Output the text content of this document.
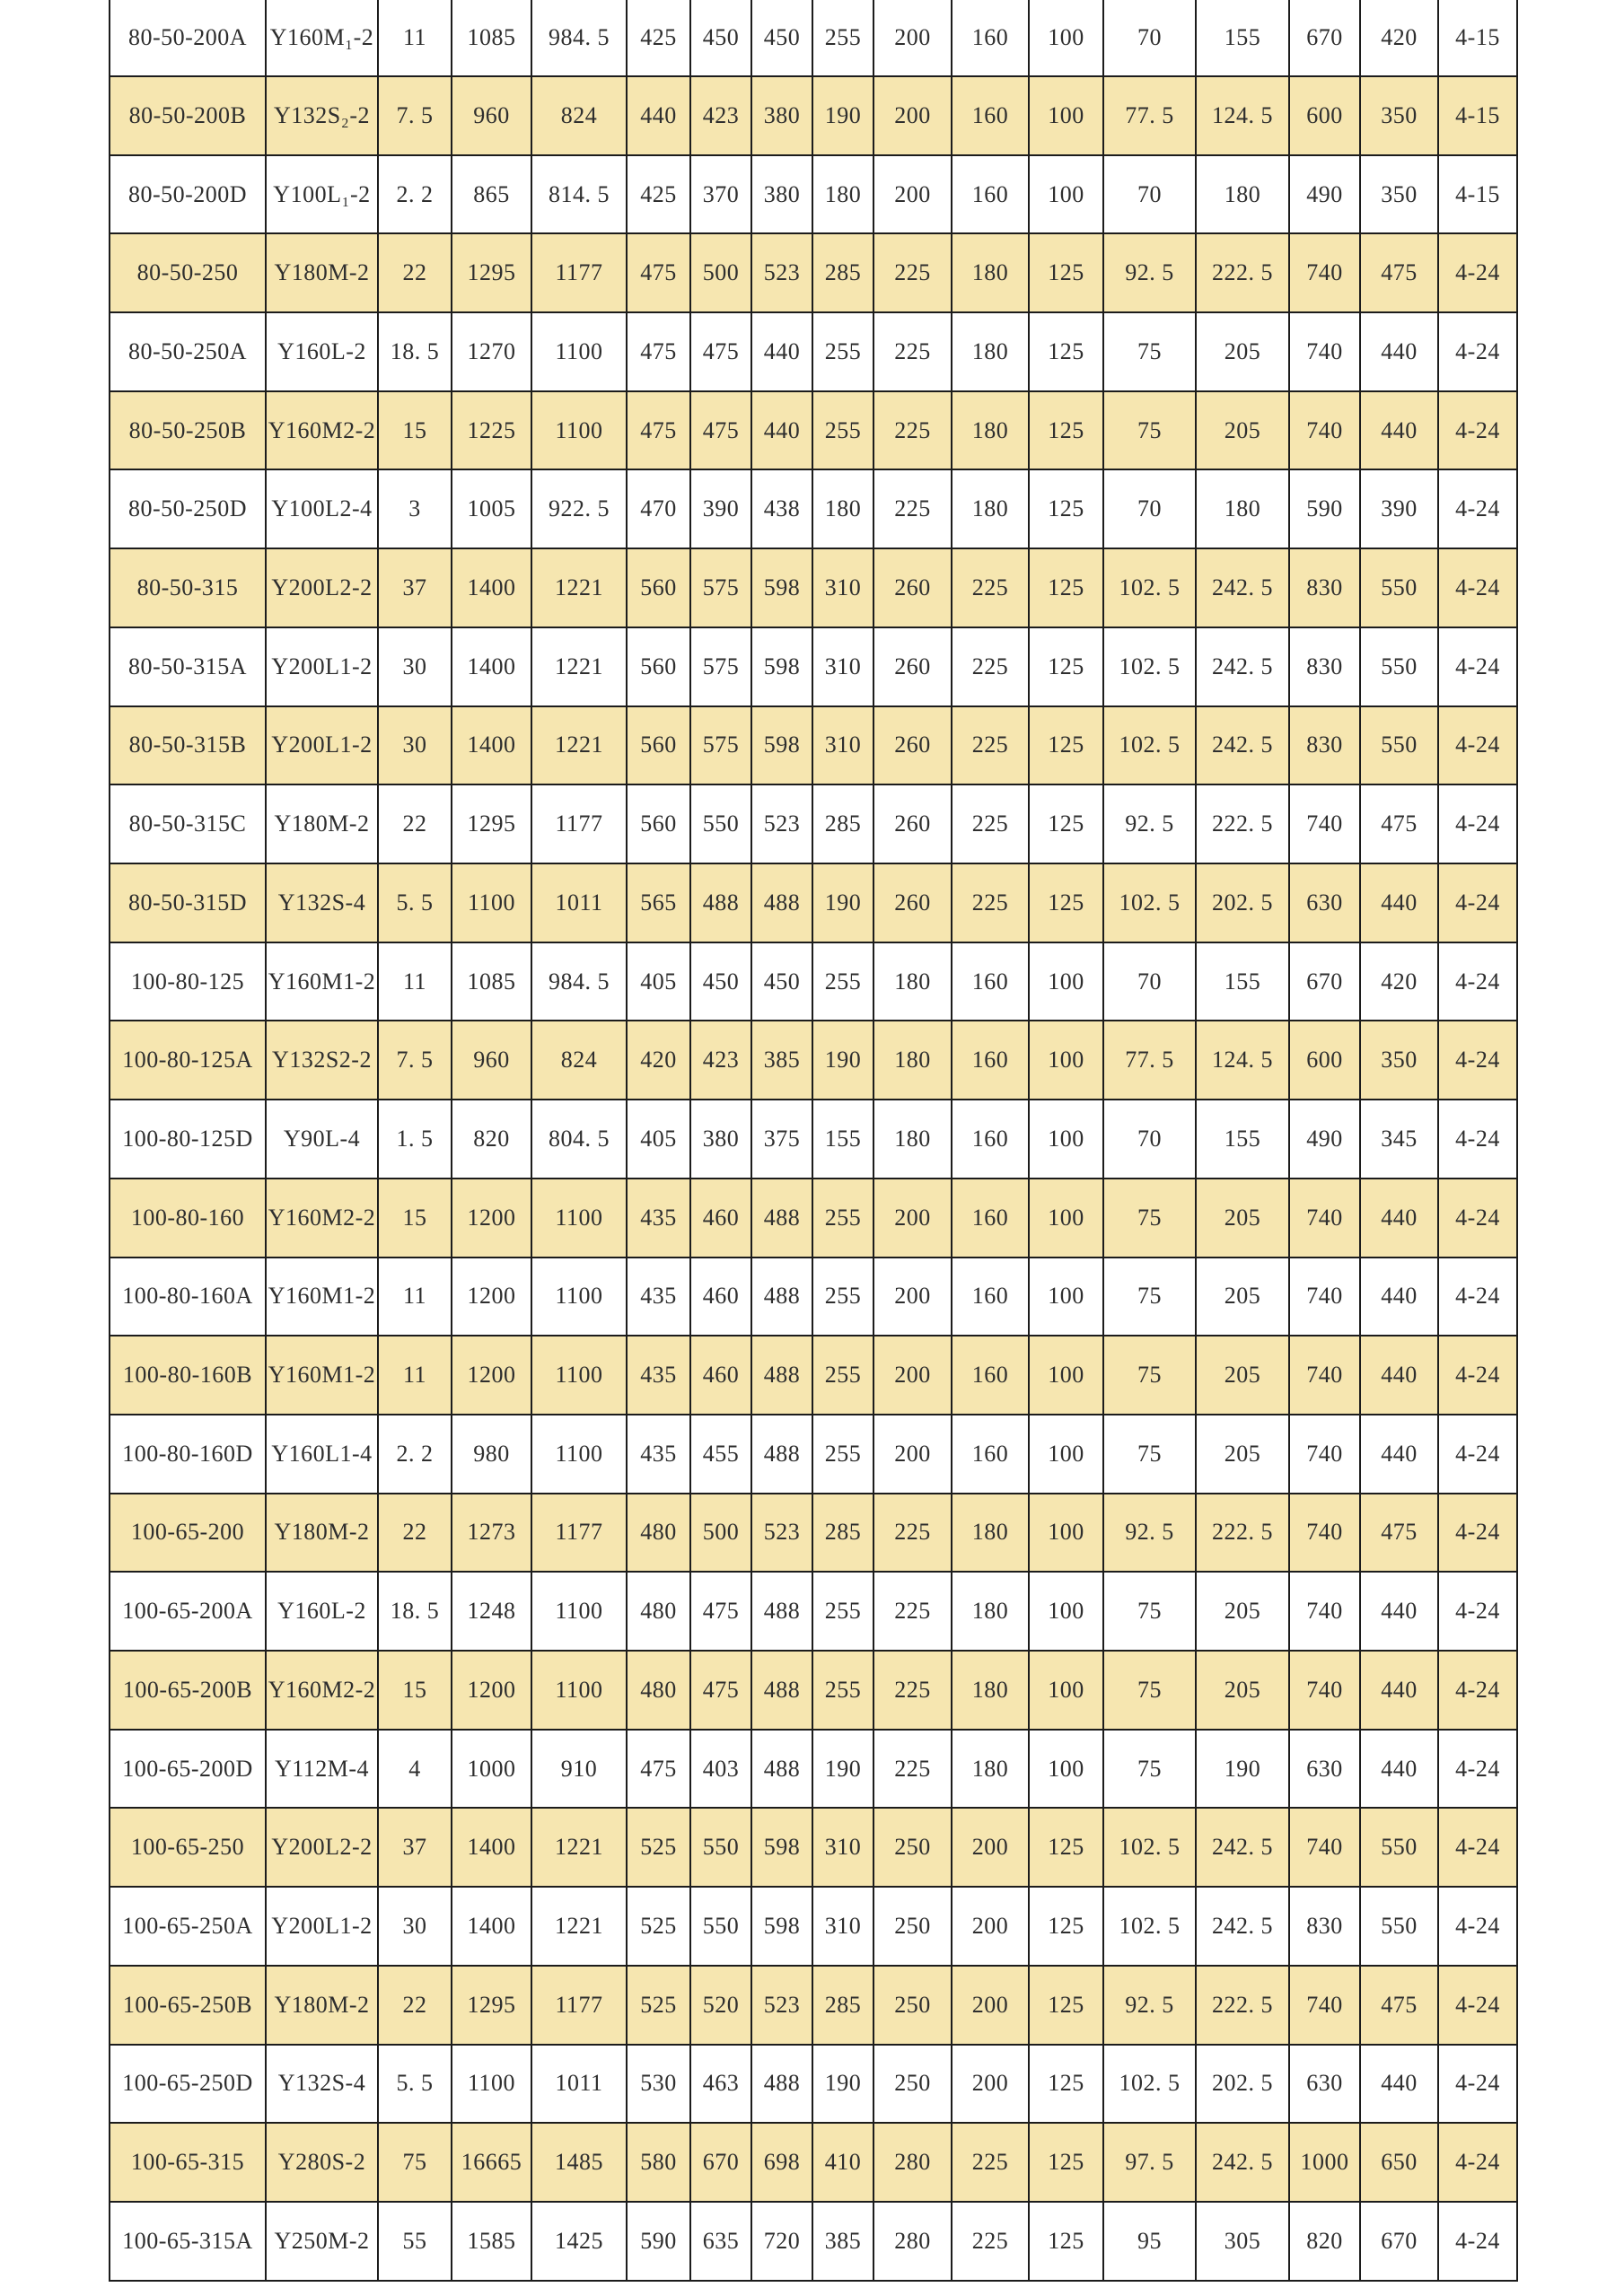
80-50-200A	Y160M₁-2	11	1085	984. 5	425	450	450	255	200	160	100	70	155	670	420	4-15
80-50-200B	Y132S₂-2	7. 5	960	824	440	423	380	190	200	160	100	77. 5	124. 5	600	350	4-15
80-50-200D	Y100L₁-2	2. 2	865	814. 5	425	370	380	180	200	160	100	70	180	490	350	4-15
80-50-250	Y180M-2	22	1295	1177	475	500	523	285	225	180	125	92. 5	222. 5	740	475	4-24
80-50-250A	Y160L-2	18. 5	1270	1100	475	475	440	255	225	180	125	75	205	740	440	4-24
80-50-250B	Y160M2-2	15	1225	1100	475	475	440	255	225	180	125	75	205	740	440	4-24
80-50-250D	Y100L2-4	3	1005	922. 5	470	390	438	180	225	180	125	70	180	590	390	4-24
80-50-315	Y200L2-2	37	1400	1221	560	575	598	310	260	225	125	102. 5	242. 5	830	550	4-24
80-50-315A	Y200L1-2	30	1400	1221	560	575	598	310	260	225	125	102. 5	242. 5	830	550	4-24
80-50-315B	Y200L1-2	30	1400	1221	560	575	598	310	260	225	125	102. 5	242. 5	830	550	4-24
80-50-315C	Y180M-2	22	1295	1177	560	550	523	285	260	225	125	92. 5	222. 5	740	475	4-24
80-50-315D	Y132S-4	5. 5	1100	1011	565	488	488	190	260	225	125	102. 5	202. 5	630	440	4-24
100-80-125	Y160M1-2	11	1085	984. 5	405	450	450	255	180	160	100	70	155	670	420	4-24
100-80-125A	Y132S2-2	7. 5	960	824	420	423	385	190	180	160	100	77. 5	124. 5	600	350	4-24
100-80-125D	Y90L-4	1. 5	820	804. 5	405	380	375	155	180	160	100	70	155	490	345	4-24
100-80-160	Y160M2-2	15	1200	1100	435	460	488	255	200	160	100	75	205	740	440	4-24
100-80-160A	Y160M1-2	11	1200	1100	435	460	488	255	200	160	100	75	205	740	440	4-24
100-80-160B	Y160M1-2	11	1200	1100	435	460	488	255	200	160	100	75	205	740	440	4-24
100-80-160D	Y160L1-4	2. 2	980	1100	435	455	488	255	200	160	100	75	205	740	440	4-24
100-65-200	Y180M-2	22	1273	1177	480	500	523	285	225	180	100	92. 5	222. 5	740	475	4-24
100-65-200A	Y160L-2	18. 5	1248	1100	480	475	488	255	225	180	100	75	205	740	440	4-24
100-65-200B	Y160M2-2	15	1200	1100	480	475	488	255	225	180	100	75	205	740	440	4-24
100-65-200D	Y112M-4	4	1000	910	475	403	488	190	225	180	100	75	190	630	440	4-24
100-65-250	Y200L2-2	37	1400	1221	525	550	598	310	250	200	125	102. 5	242. 5	740	550	4-24
100-65-250A	Y200L1-2	30	1400	1221	525	550	598	310	250	200	125	102. 5	242. 5	830	550	4-24
100-65-250B	Y180M-2	22	1295	1177	525	520	523	285	250	200	125	92. 5	222. 5	740	475	4-24
100-65-250D	Y132S-4	5. 5	1100	1011	530	463	488	190	250	200	125	102. 5	202. 5	630	440	4-24
100-65-315	Y280S-2	75	16665	1485	580	670	698	410	280	225	125	97. 5	242. 5	1000	650	4-24
100-65-315A	Y250M-2	55	1585	1425	590	635	720	385	280	225	125	95	305	820	670	4-24
